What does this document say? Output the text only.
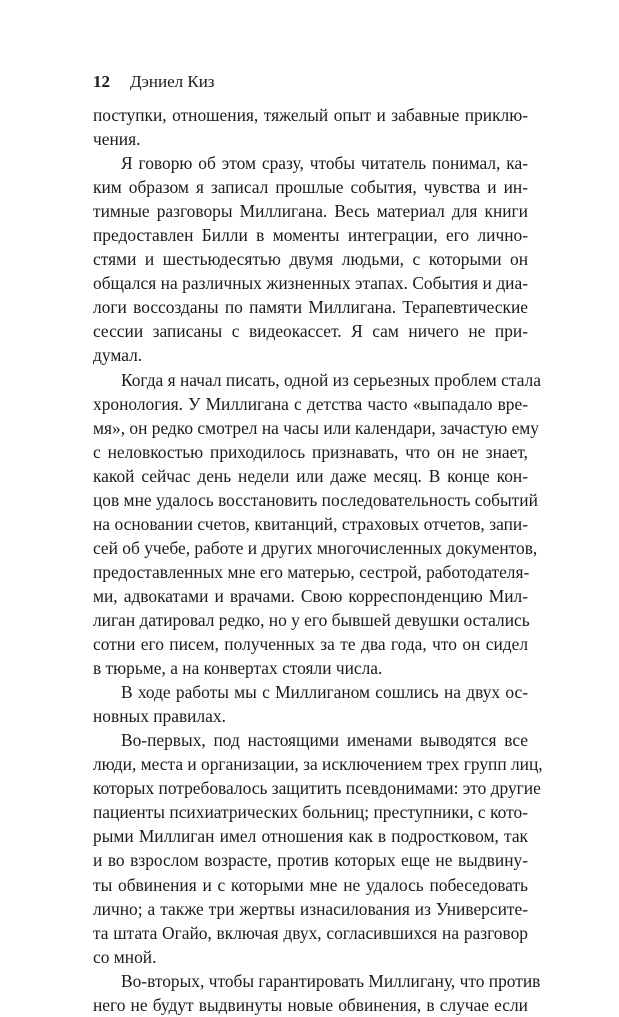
12 Дэниел Киз
поступки, отношения, тяжелый опыт и забавные приклю-
чения.
Я говорю об этом сразу, чтобы читатель понимал, ка-
ким образом я записал прошлые события, чувства и ин-
тимные разговоры Миллигана. Весь материал для книги
предоставлен Билли в моменты интеграции, его лично-
стями и шестьюдесятью двумя людьми, с которыми он
общался на различных жизненных этапах. События и диа-
логи воссозданы по памяти Миллигана. Терапевтические
сессии записаны с видеокассет. Я сам ничего не при-
думал.
Когда я начал писать, одной из серьезных проблем стала
хронология. У Миллигана с детства часто «выпадало вре-
мя», он редко смотрел на часы или календари, зачастую ему
с неловкостью приходилось признавать, что он не знает,
какой сейчас день недели или даже месяц. В конце кон-
цов мне удалось восстановить последовательность событий
на основании счетов, квитанций, страховых отчетов, запи-
сей об учебе, работе и других многочисленных документов,
предоставленных мне его матерью, сестрой, работодателя-
ми, адвокатами и врачами. Свою корреспонденцию Мил-
лиган датировал редко, но у его бывшей девушки остались
сотни его писем, полученных за те два года, что он сидел
в тюрьме, а на конвертах стояли числа.
В ходе работы мы с Миллиганом сошлись на двух ос-
новных правилах.
Во-первых, под настоящими именами выводятся все
люди, места и организации, за исключением трех групп лиц,
которых потребовалось защитить псевдонимами: это другие
пациенты психиатрических больниц; преступники, с кото-
рыми Миллиган имел отношения как в подростковом, так
и во взрослом возрасте, против которых еще не выдвину-
ты обвинения и с которыми мне не удалось побеседовать
лично; а также три жертвы изнасилования из Университе-
та штата Огайо, включая двух, согласившихся на разговор
со мной.
Во-вторых, чтобы гарантировать Миллигану, что против
него не будут выдвинуты новые обвинения, в случае если
